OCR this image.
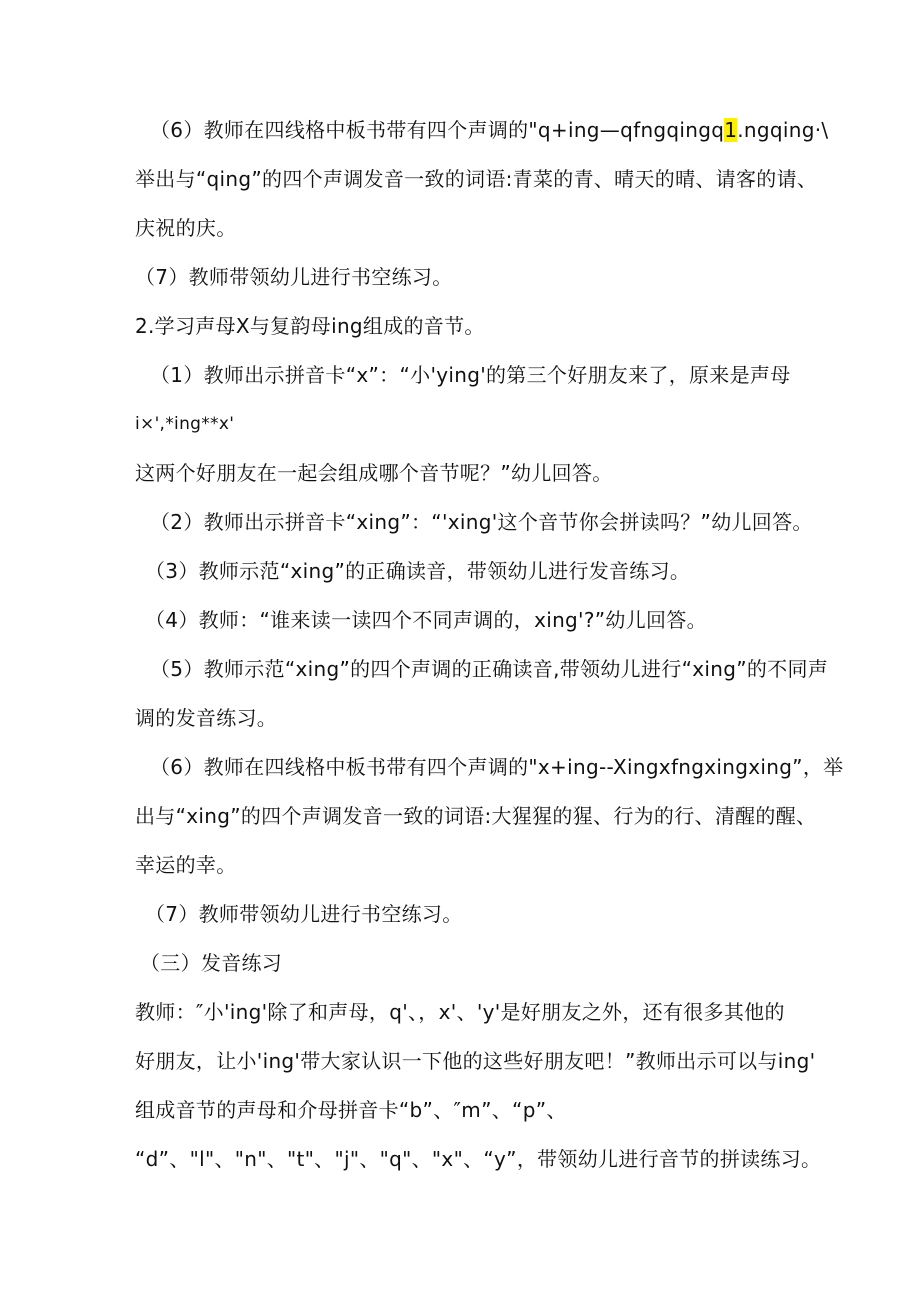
（6）教师在四线格中板书带有四个声调的"q+ing—qfngqingq1.ngqing·\
举出与“qing”的四个声调发音一致的词语:青菜的青、晴天的晴、请客的请、
庆祝的庆。
（7）教师带领幼儿进行书空练习。
2.学习声母X与复韵母ing组成的音节。
（1）教师出示拼音卡“x”：“小'ying'的第三个好朋友来了，原来是声母
i×',*ing**x'
这两个好朋友在一起会组成哪个音节呢？”幼儿回答。
（2）教师出示拼音卡“xing”：“'xing'这个音节你会拼读吗？”幼儿回答。
（3）教师示范“xing”的正确读音，带领幼儿进行发音练习。
（4）教师：“谁来读一读四个不同声调的，xing'?”幼儿回答。
（5）教师示范“xing”的四个声调的正确读音,带领幼儿进行“xing”的不同声
调的发音练习。
（6）教师在四线格中板书带有四个声调的"x+ing--Xingxfngxingxing”，举
出与“xing”的四个声调发音一致的词语:大猩猩的猩、行为的行、清醒的醒、
幸运的幸。
（7）教师带领幼儿进行书空练习。
（三）发音练习
教师：″小'ing'除了和声母，q'、，x'、'y'是好朋友之外，还有很多其他的
好朋友，让小'ing'带大家认识一下他的这些好朋友吧！”教师出示可以与ing'
组成音节的声母和介母拼音卡“b”、″m”、“p”、
“d”、"l"、"n"、"t"、"j"、"q"、"x"、“y”，带领幼儿进行音节的拼读练习。
